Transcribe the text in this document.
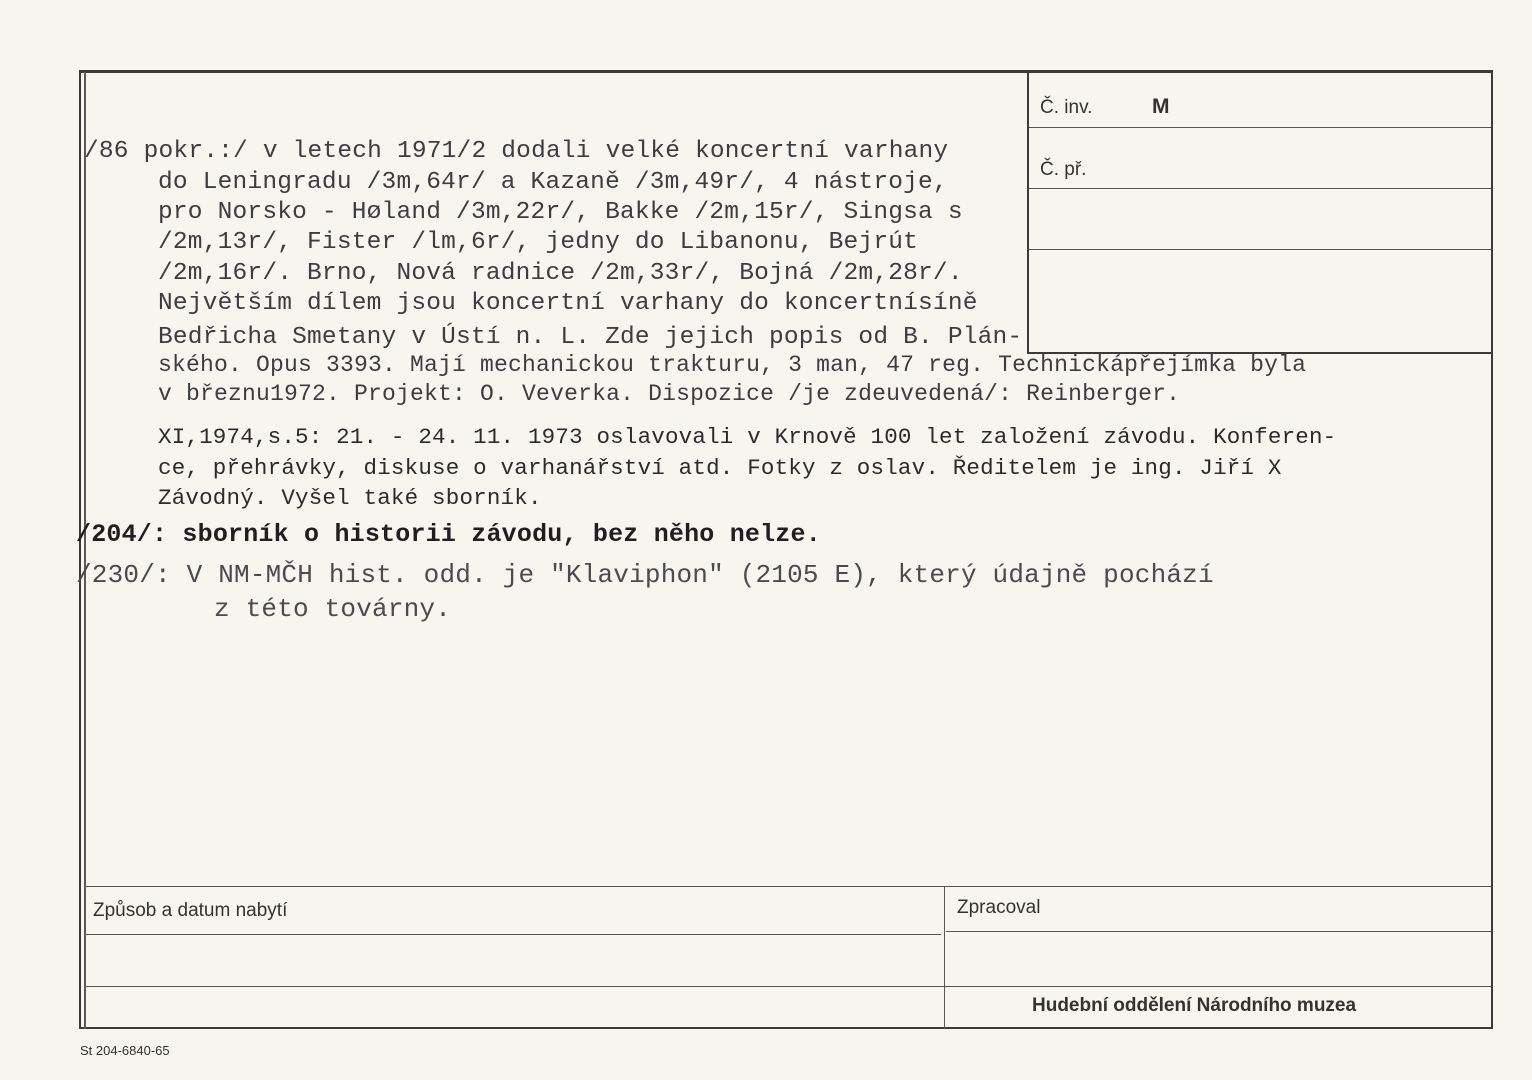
Č. inv.	M
Č. př.
/86 pokr.:/ v letech 1971/2 dodali velké koncertní varhany
do Leningradu /3m,64r/ a Kazaně /3m,49r/, 4 nástroje,
pro Norsko - Høland /3m,22r/, Bakke /2m,15r/, Singsa s
/2m,13r/, Fister /lm,6r/, jedny do Libanonu, Bejrút
/2m,16r/. Brno, Nová radnice /2m,33r/, Bojná /2m,28r/.
Největším dílem jsou koncertní varhany do koncertnísíně
Bedřicha Smetany v Ústí n. L. Zde jejich popis od B. Plán-
ského. Opus 3393. Mají mechanickou trakturu, 3 man, 47 reg. Technickápřejímka byla
v březnu1972. Projekt: O. Veverka. Dispozice /je zdeuvedená/: Reinberger.
XI,1974,s.5: 21. - 24. 11. 1973 oslavovali v Krnově 100 let založení závodu. Konferen-
ce, přehrávky, diskuse o varhanářství atd. Fotky z oslav. Ředitelem je ing. Jiří X
Závodný. Vyšel také sborník.
/204/: sborník o historii závodu, bez něho nelze.
/230/: V NM-MČH hist. odd. je "Klaviphon" (2105 E), který údajně pochází
z této továrny.
Způsob a datum nabytí	Zpracoval
Hudební oddělení Národního muzea
St 204-6840-65
